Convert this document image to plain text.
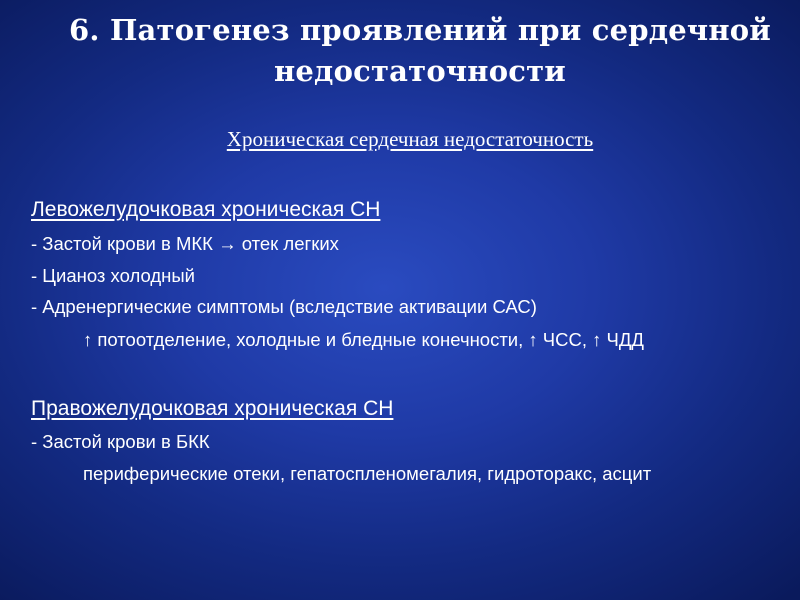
6. Патогенез проявлений при сердечной
недостаточности
Хроническая сердечная недостаточность
Левожелудочковая хроническая СН
- Застой крови в МКК → отек легких
- Цианоз холодный
- Адренергические симптомы (вследствие активации САС)
↑ потоотделение, холодные и бледные конечности, ↑ ЧСС, ↑ ЧДД
Правожелудочковая хроническая СН
- Застой крови в БКК
периферические отеки, гепатоспленомегалия, гидроторакс, асцит
